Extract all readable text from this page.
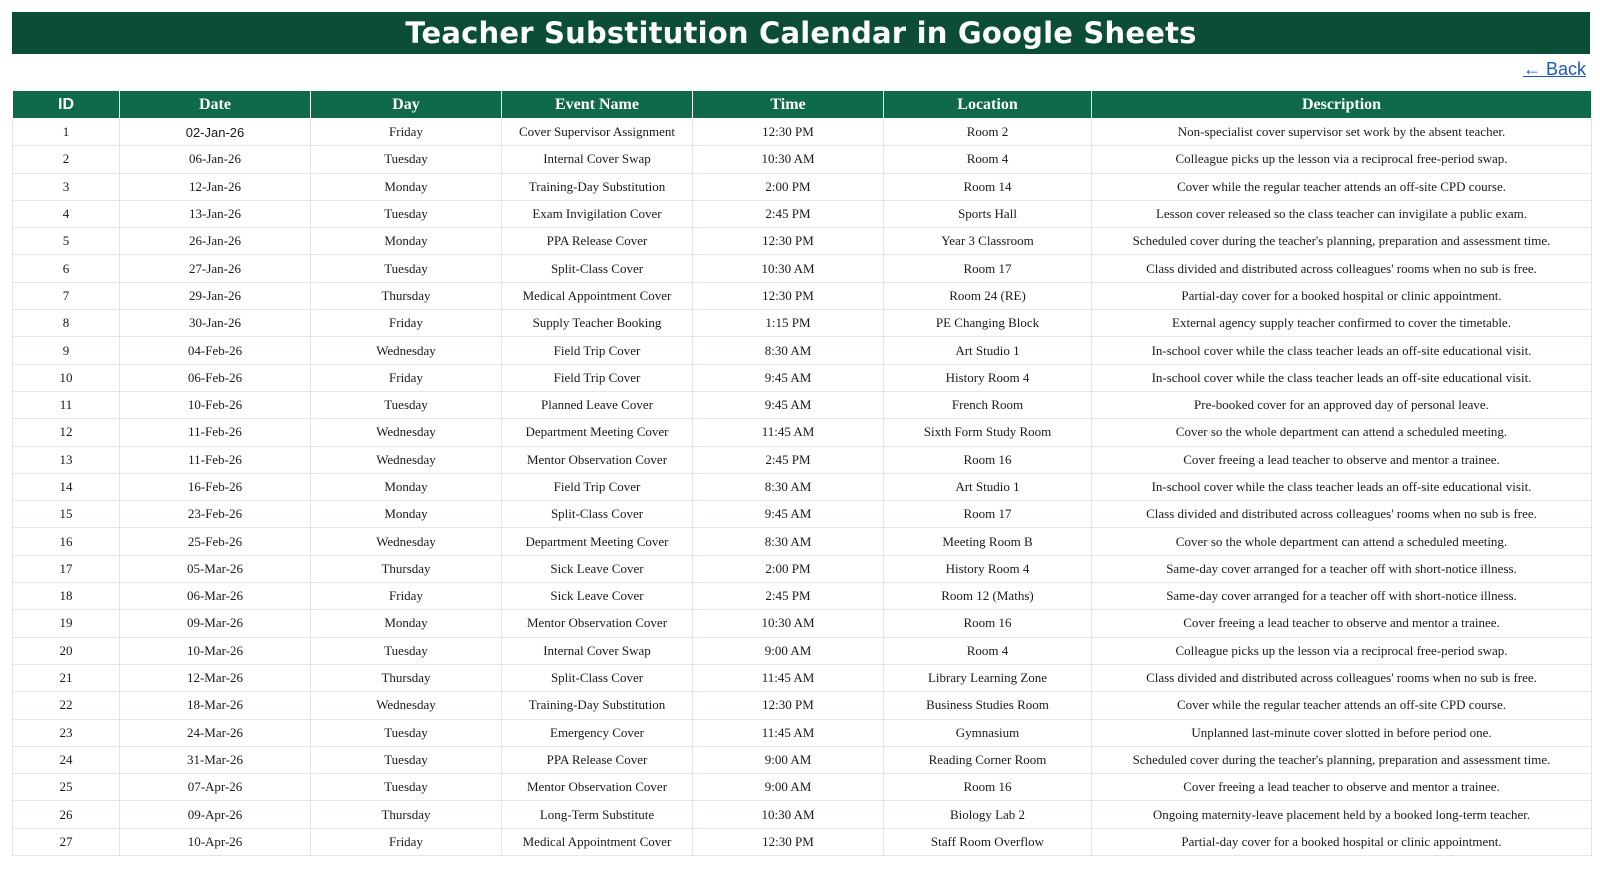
Teacher Substitution Calendar in Google Sheets
← Back
ID	Date	Day	Event Name	Time	Location	Description
1	02-Jan-26	Friday	Cover Supervisor Assignment	12:30 PM	Room 2	Non-specialist cover supervisor set work by the absent teacher.
2	06-Jan-26	Tuesday	Internal Cover Swap	10:30 AM	Room 4	Colleague picks up the lesson via a reciprocal free-period swap.
3	12-Jan-26	Monday	Training-Day Substitution	2:00 PM	Room 14	Cover while the regular teacher attends an off-site CPD course.
4	13-Jan-26	Tuesday	Exam Invigilation Cover	2:45 PM	Sports Hall	Lesson cover released so the class teacher can invigilate a public exam.
5	26-Jan-26	Monday	PPA Release Cover	12:30 PM	Year 3 Classroom	Scheduled cover during the teacher's planning, preparation and assessment time.
6	27-Jan-26	Tuesday	Split-Class Cover	10:30 AM	Room 17	Class divided and distributed across colleagues' rooms when no sub is free.
7	29-Jan-26	Thursday	Medical Appointment Cover	12:30 PM	Room 24 (RE)	Partial-day cover for a booked hospital or clinic appointment.
8	30-Jan-26	Friday	Supply Teacher Booking	1:15 PM	PE Changing Block	External agency supply teacher confirmed to cover the timetable.
9	04-Feb-26	Wednesday	Field Trip Cover	8:30 AM	Art Studio 1	In-school cover while the class teacher leads an off-site educational visit.
10	06-Feb-26	Friday	Field Trip Cover	9:45 AM	History Room 4	In-school cover while the class teacher leads an off-site educational visit.
11	10-Feb-26	Tuesday	Planned Leave Cover	9:45 AM	French Room	Pre-booked cover for an approved day of personal leave.
12	11-Feb-26	Wednesday	Department Meeting Cover	11:45 AM	Sixth Form Study Room	Cover so the whole department can attend a scheduled meeting.
13	11-Feb-26	Wednesday	Mentor Observation Cover	2:45 PM	Room 16	Cover freeing a lead teacher to observe and mentor a trainee.
14	16-Feb-26	Monday	Field Trip Cover	8:30 AM	Art Studio 1	In-school cover while the class teacher leads an off-site educational visit.
15	23-Feb-26	Monday	Split-Class Cover	9:45 AM	Room 17	Class divided and distributed across colleagues' rooms when no sub is free.
16	25-Feb-26	Wednesday	Department Meeting Cover	8:30 AM	Meeting Room B	Cover so the whole department can attend a scheduled meeting.
17	05-Mar-26	Thursday	Sick Leave Cover	2:00 PM	History Room 4	Same-day cover arranged for a teacher off with short-notice illness.
18	06-Mar-26	Friday	Sick Leave Cover	2:45 PM	Room 12 (Maths)	Same-day cover arranged for a teacher off with short-notice illness.
19	09-Mar-26	Monday	Mentor Observation Cover	10:30 AM	Room 16	Cover freeing a lead teacher to observe and mentor a trainee.
20	10-Mar-26	Tuesday	Internal Cover Swap	9:00 AM	Room 4	Colleague picks up the lesson via a reciprocal free-period swap.
21	12-Mar-26	Thursday	Split-Class Cover	11:45 AM	Library Learning Zone	Class divided and distributed across colleagues' rooms when no sub is free.
22	18-Mar-26	Wednesday	Training-Day Substitution	12:30 PM	Business Studies Room	Cover while the regular teacher attends an off-site CPD course.
23	24-Mar-26	Tuesday	Emergency Cover	11:45 AM	Gymnasium	Unplanned last-minute cover slotted in before period one.
24	31-Mar-26	Tuesday	PPA Release Cover	9:00 AM	Reading Corner Room	Scheduled cover during the teacher's planning, preparation and assessment time.
25	07-Apr-26	Tuesday	Mentor Observation Cover	9:00 AM	Room 16	Cover freeing a lead teacher to observe and mentor a trainee.
26	09-Apr-26	Thursday	Long-Term Substitute	10:30 AM	Biology Lab 2	Ongoing maternity-leave placement held by a booked long-term teacher.
27	10-Apr-26	Friday	Medical Appointment Cover	12:30 PM	Staff Room Overflow	Partial-day cover for a booked hospital or clinic appointment.
